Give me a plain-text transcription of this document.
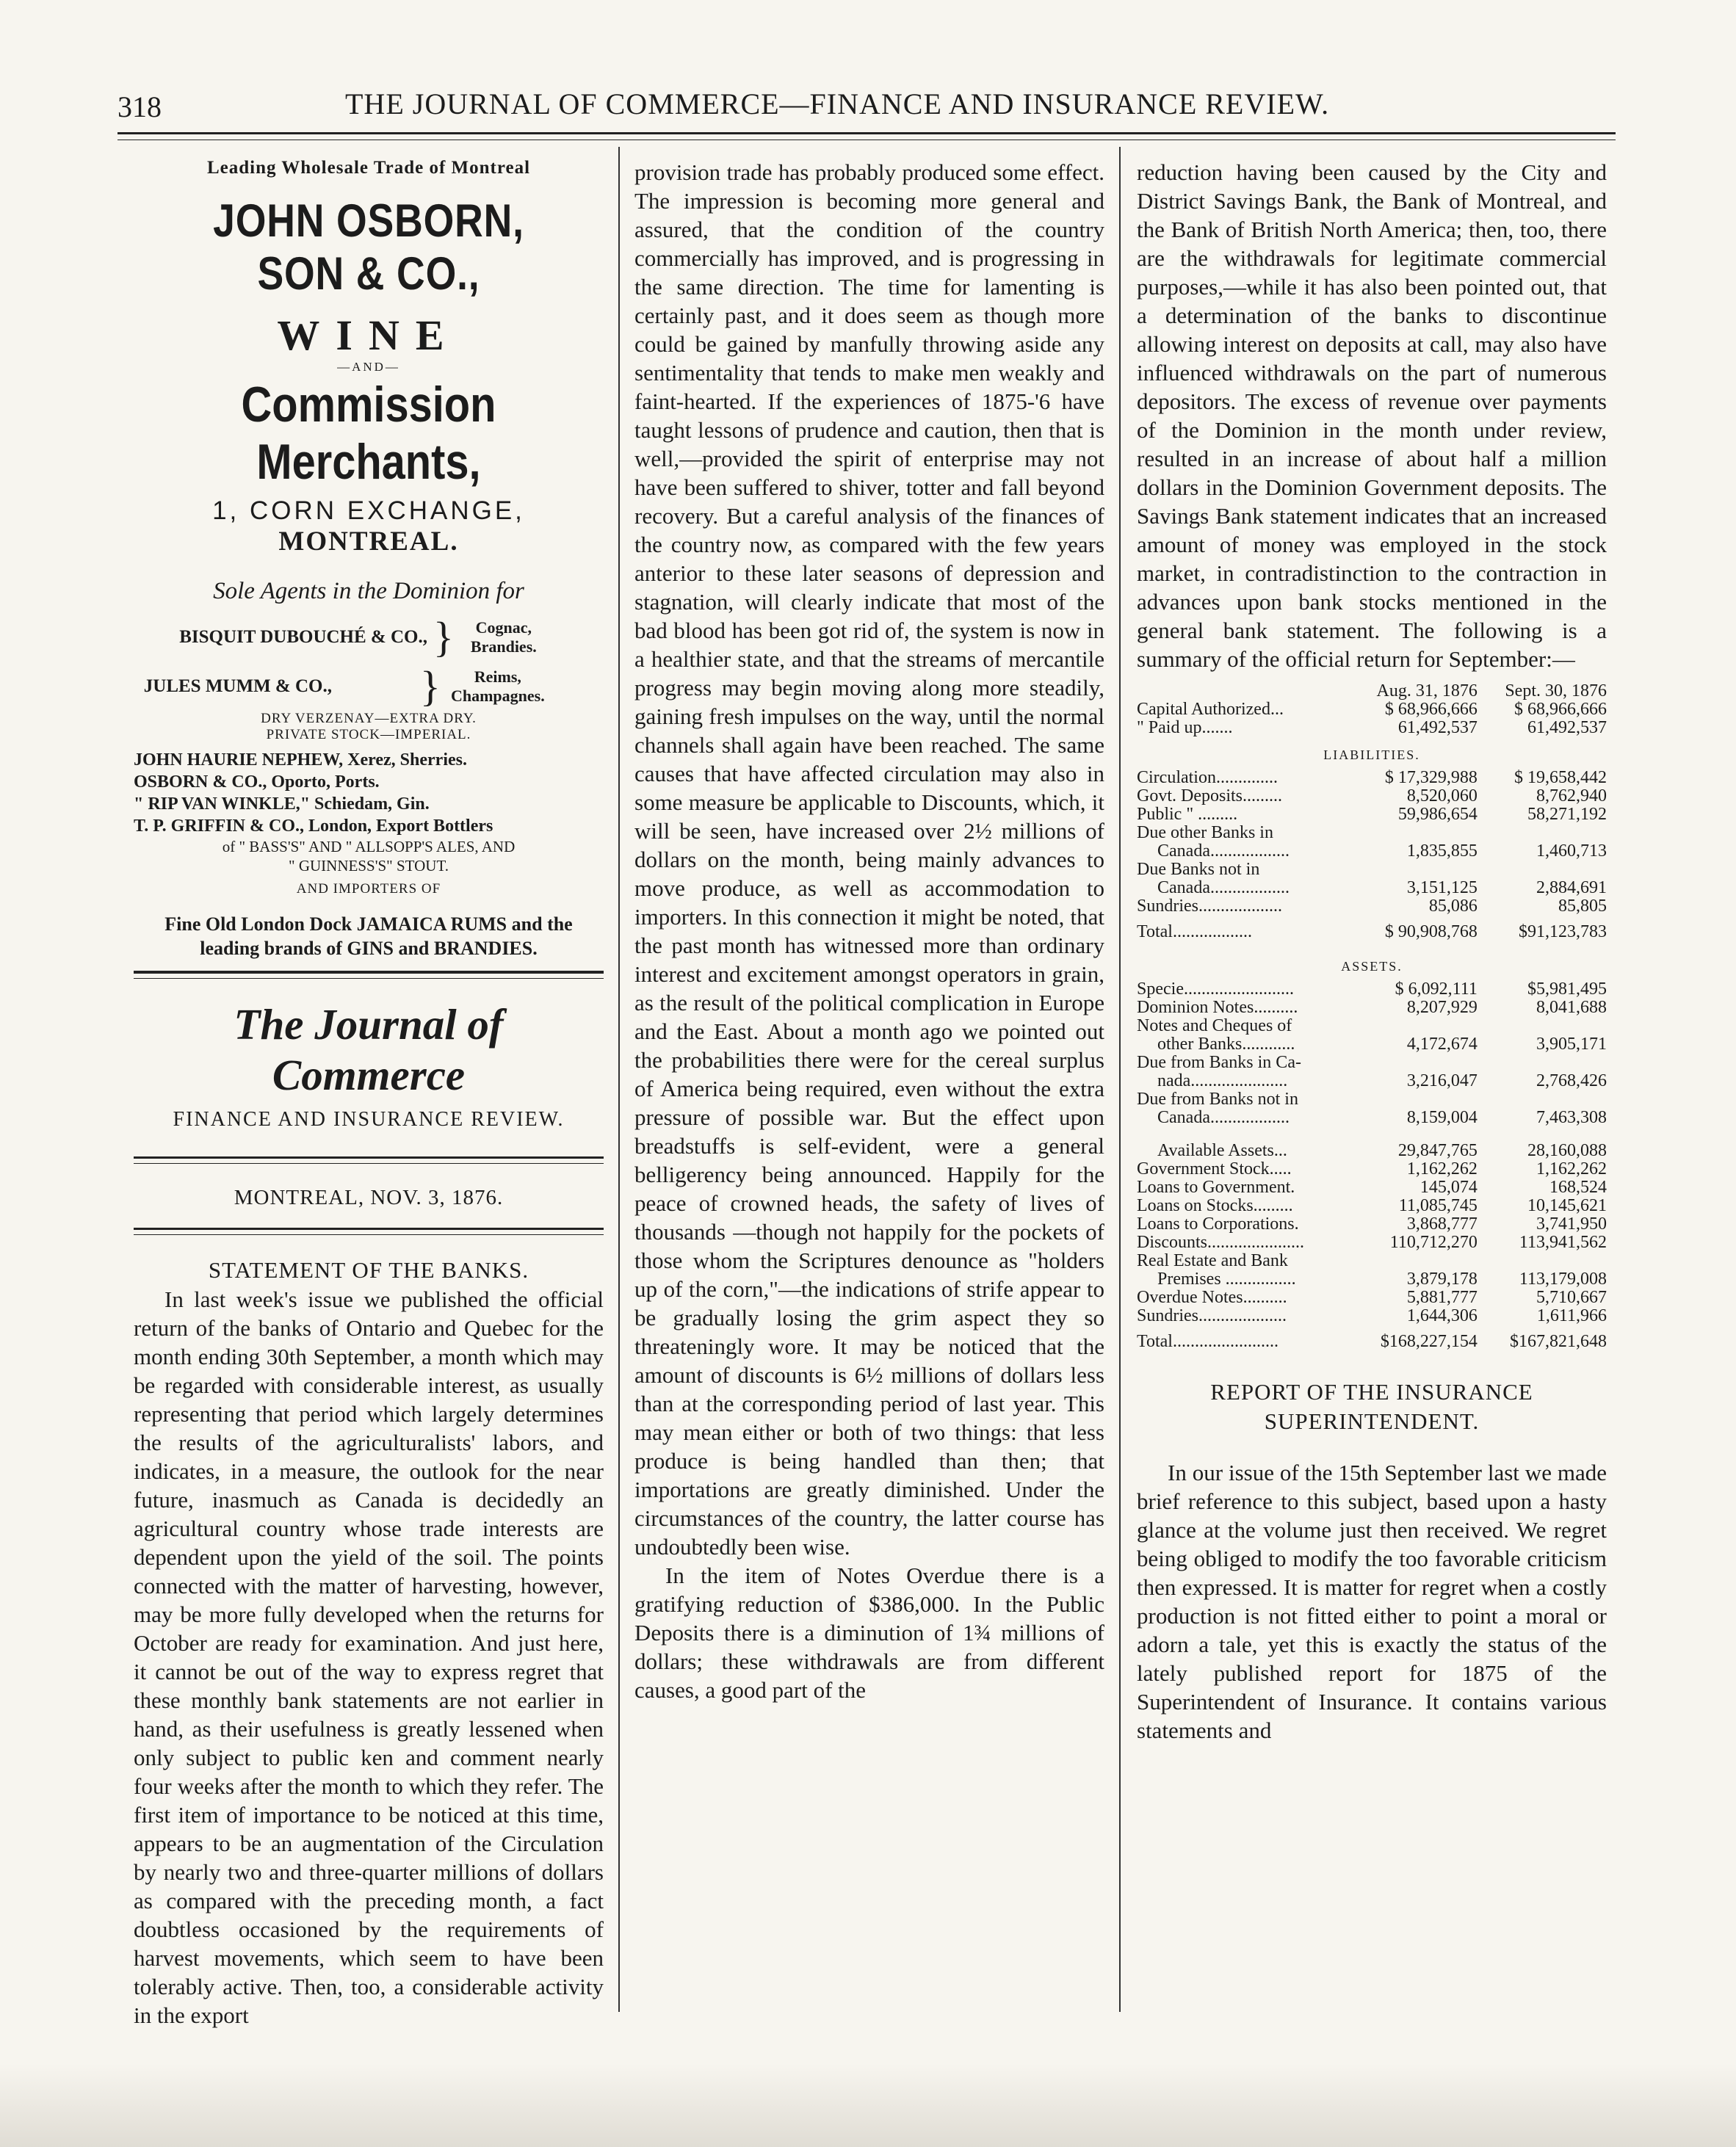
318	THE JOURNAL OF COMMERCE—FINANCE AND INSURANCE REVIEW.
Leading Wholesale Trade of Montreal
JOHN OSBORN, SON & CO.,
WINE
—AND—
Commission Merchants,
1, CORN EXCHANGE,
MONTREAL.
Sole Agents in the Dominion for
BISQUIT DUBOUCHÉ & CO., }	Cognac, Brandies.
JULES MUMM & CO., }	Reims, Champagnes.
DRY VERZENAY—EXTRA DRY.
PRIVATE STOCK—IMPERIAL.
JOHN HAURIE NEPHEW, Xerez, Sherries.
OSBORN & CO., Oporto, Ports.
" RIP VAN WINKLE," Schiedam, Gin.
T. P. GRIFFIN & CO., London, Export Bottlers
of " BASS'S" AND " ALLSOPP'S ALES, AND
" GUINNESS'S" STOUT.
AND IMPORTERS OF
Fine Old London Dock JAMAICA RUMS and the leading brands of GINS and BRANDIES.
The Journal of Commerce
FINANCE AND INSURANCE REVIEW.
MONTREAL, NOV. 3, 1876.
STATEMENT OF THE BANKS.

In last week's issue we published the official return of the banks of Ontario and Quebec for the month ending 30th September, a month which may be regarded with considerable interest, as usually representing that period which largely determines the results of the agriculturalists' labors, and indicates, in a measure, the outlook for the near future, inasmuch as Canada is decidedly an agricultural country whose trade interests are dependent upon the yield of the soil. The points connected with the matter of harvesting, however, may be more fully developed when the returns for October are ready for examination. And just here, it cannot be out of the way to express regret that these monthly bank statements are not earlier in hand, as their usefulness is greatly lessened when only subject to public ken and comment nearly four weeks after the month to which they refer. The first item of importance to be noticed at this time, appears to be an augmentation of the Circulation by nearly two and three-quarter millions of dollars as compared with the preceding month, a fact doubtless occasioned by the requirements of harvest movements, which seem to have been tolerably active. Then, too, a considerable activity in the export

provision trade has probably produced some effect. The impression is becoming more general and assured, that the condition of the country commercially has improved, and is progressing in the same direction. The time for lamenting is certainly past, and it does seem as though more could be gained by manfully throwing aside any sentimentality that tends to make men weakly and faint-hearted. If the experiences of 1875-'6 have taught lessons of prudence and caution, then that is well,—provided the spirit of enterprise may not have been suffered to shiver, totter and fall beyond recovery. But a careful analysis of the finances of the country now, as compared with the few years anterior to these later seasons of depression and stagnation, will clearly indicate that most of the bad blood has been got rid of, the system is now in a healthier state, and that the streams of mercantile progress may begin moving along more steadily, gaining fresh impulses on the way, until the normal channels shall again have been reached. The same causes that have affected circulation may also in some measure be applicable to Discounts, which, it will be seen, have increased over 2½ millions of dollars on the month, being mainly advances to move produce, as well as accommodation to importers. In this connection it might be noted, that the past month has witnessed more than ordinary interest and excitement amongst operators in grain, as the result of the political complication in Europe and the East. About a month ago we pointed out the probabilities there were for the cereal surplus of America being required, even without the extra pressure of possible war. But the effect upon breadstuffs is self-evident, were a general belligerency being announced. Happily for the peace of crowned heads, the safety of lives of thousands —though not happily for the pockets of those whom the Scriptures denounce as "holders up of the corn,"—the indications of strife appear to be gradually losing the grim aspect they so threateningly wore. It may be noticed that the amount of discounts is 6½ millions of dollars less than at the corresponding period of last year. This may mean either or both of two things: that less produce is being handled than then; that importations are greatly diminished. Under the circumstances of the country, the latter course has undoubtedly been wise.

In the item of Notes Overdue there is a gratifying reduction of $386,000. In the Public Deposits there is a diminution of 1¾ millions of dollars; these withdrawals are from different causes, a good part of the

reduction having been caused by the City and District Savings Bank, the Bank of Montreal, and the Bank of British North America; then, too, there are the withdrawals for legitimate commercial purposes,—while it has also been pointed out, that a determination of the banks to discontinue allowing interest on deposits at call, may also have influenced withdrawals on the part of numerous depositors. The excess of revenue over payments of the Dominion in the month under review, resulted in an increase of about half a million dollars in the Dominion Government deposits. The Savings Bank statement indicates that an increased amount of money was employed in the stock market, in contradistinction to the contraction in advances upon bank stocks mentioned in the general bank statement. The following is a summary of the official return for September:—

	Aug. 31, 1876	Sept. 30, 1876
Capital Authorized...	$ 68,966,666	$ 68,966,666
" Paid up.......	61,492,537	61,492,537
LIABILITIES.		
Circulation..............	$ 17,329,988	$ 19,658,442
Govt. Deposits.........	8,520,060	8,762,940
Public " .........	59,986,654	58,271,192
Due other Banks in		
Canada..................	1,835,855	1,460,713
Due Banks not in		
Canada..................	3,151,125	2,884,691
Sundries...................	85,086	85,805
Total..................	$ 90,908,768	$91,123,783
ASSETS.		
Specie.........................	$ 6,092,111	$5,981,495
Dominion Notes..........	8,207,929	8,041,688
Notes and Cheques of		
other Banks............	4,172,674	3,905,171
Due from Banks in Ca-		
nada......................	3,216,047	2,768,426
Due from Banks not in		
Canada..................	8,159,004	7,463,308
Available Assets...	29,847,765	28,160,088
Government Stock.....	1,162,262	1,162,262
Loans to Government.	145,074	168,524
Loans on Stocks.........	11,085,745	10,145,621
Loans to Corporations.	3,868,777	3,741,950
Discounts......................	110,712,270	113,941,562
Real Estate and Bank		
Premises ................	3,879,178	113,179,008
Overdue Notes..........	5,881,777	5,710,667
Sundries....................	1,644,306	1,611,966
Total........................	$168,227,154	$167,821,648
REPORT OF THE INSURANCE
SUPERINTENDENT.

In our issue of the 15th September last we made brief reference to this subject, based upon a hasty glance at the volume just then received. We regret being obliged to modify the too favorable criticism then expressed. It is matter for regret when a costly production is not fitted either to point a moral or adorn a tale, yet this is exactly the status of the lately published report for 1875 of the Superintendent of Insurance. It contains various statements and
